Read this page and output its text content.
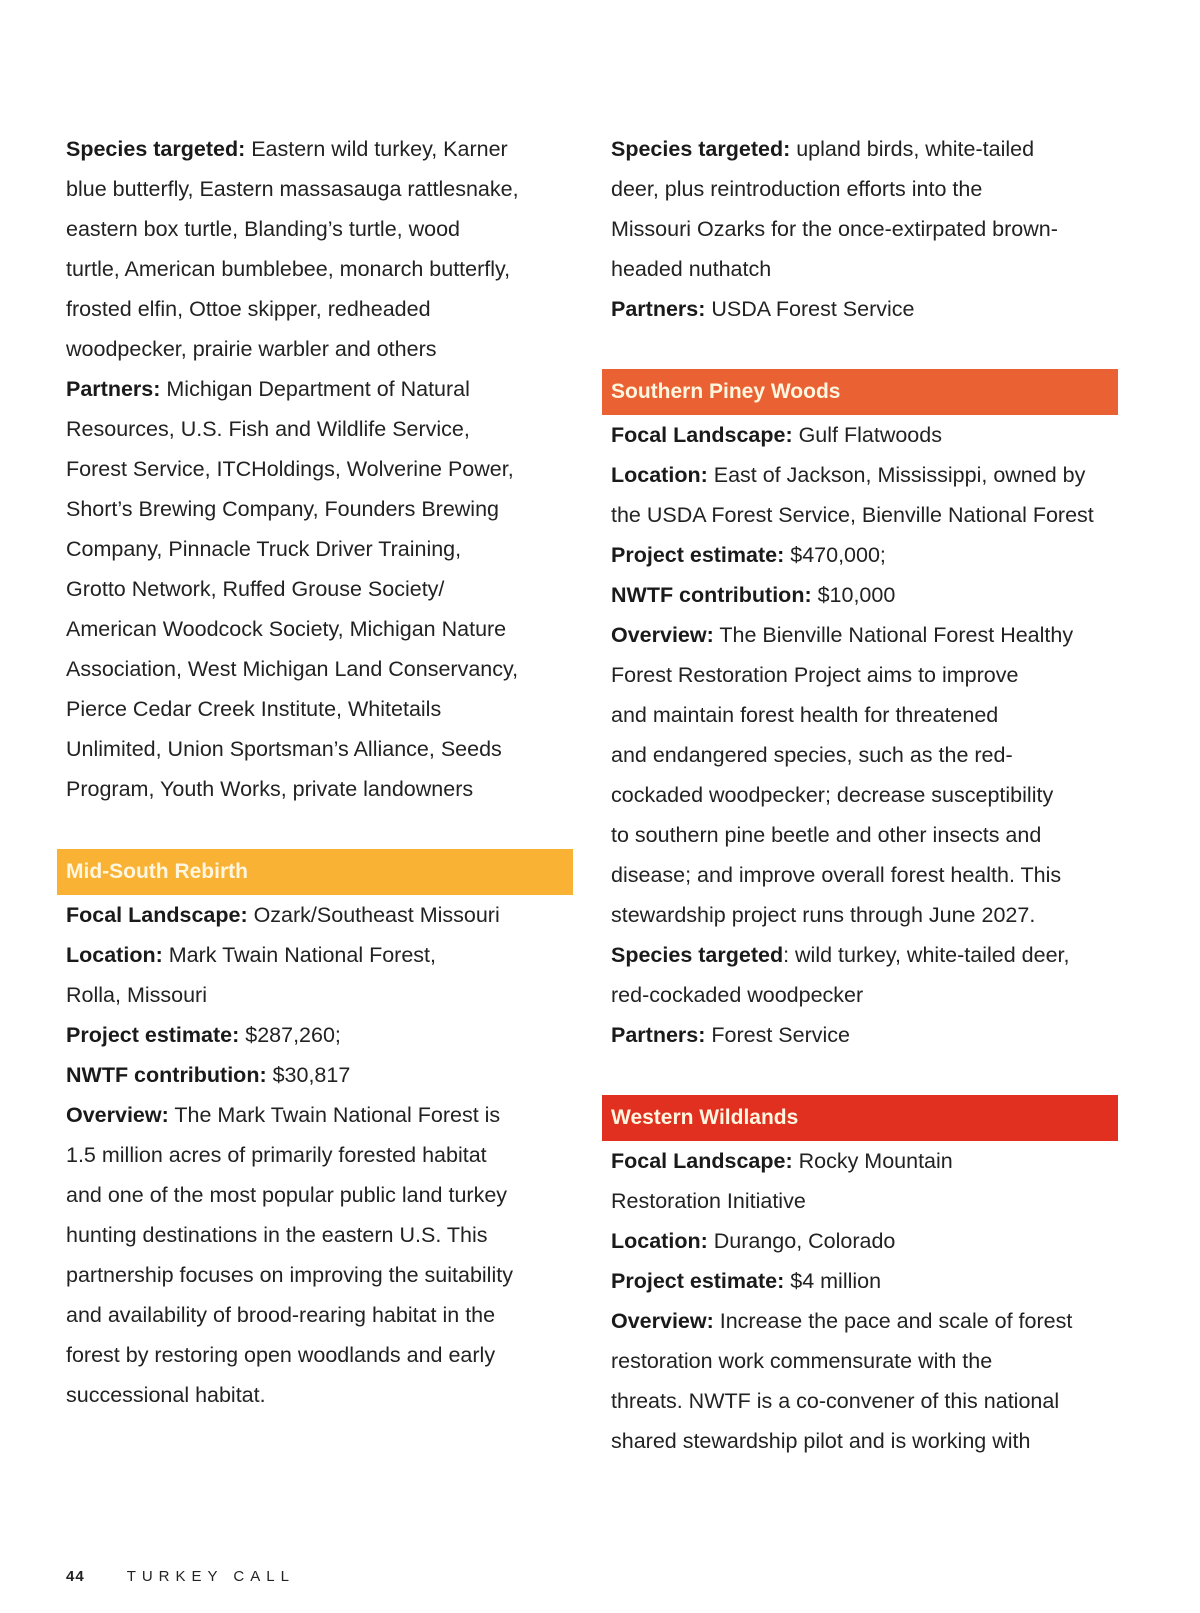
Species targeted: Eastern wild turkey, Karner
blue butterfly, Eastern massasauga rattlesnake,
eastern box turtle, Blanding’s turtle, wood
turtle, American bumblebee, monarch butterfly,
frosted elfin, Ottoe skipper, redheaded
woodpecker, prairie warbler and others
Partners: Michigan Department of Natural
Resources, U.S. Fish and Wildlife Service,
Forest Service, ITCHoldings, Wolverine Power,
Short’s Brewing Company, Founders Brewing
Company, Pinnacle Truck Driver Training,
Grotto Network, Ruffed Grouse Society/
American Woodcock Society, Michigan Nature
Association, West Michigan Land Conservancy,
Pierce Cedar Creek Institute, Whitetails
Unlimited, Union Sportsman’s Alliance, Seeds
Program, Youth Works, private landowners
Mid-South Rebirth
Focal Landscape: Ozark/Southeast Missouri
Location: Mark Twain National Forest,
Rolla, Missouri
Project estimate: $287,260;
NWTF contribution: $30,817
Overview: The Mark Twain National Forest is
1.5 million acres of primarily forested habitat
and one of the most popular public land turkey
hunting destinations in the eastern U.S. This
partnership focuses on improving the suitability
and availability of brood-rearing habitat in the
forest by restoring open woodlands and early
successional habitat.
Species targeted: upland birds, white-tailed
deer, plus reintroduction efforts into the
Missouri Ozarks for the once-extirpated brown-
headed nuthatch
Partners: USDA Forest Service
Southern Piney Woods
Focal Landscape: Gulf Flatwoods
Location: East of Jackson, Mississippi, owned by
the USDA Forest Service, Bienville National Forest
Project estimate: $470,000;
NWTF contribution: $10,000
Overview: The Bienville National Forest Healthy
Forest Restoration Project aims to improve
and maintain forest health for threatened
and endangered species, such as the red-
cockaded woodpecker; decrease susceptibility
to southern pine beetle and other insects and
disease; and improve overall forest health. This
stewardship project runs through June 2027.
Species targeted: wild turkey, white-tailed deer,
red-cockaded woodpecker
Partners: Forest Service
Western Wildlands
Focal Landscape: Rocky Mountain
Restoration Initiative
Location: Durango, Colorado
Project estimate: $4 million
Overview: Increase the pace and scale of forest
restoration work commensurate with the
threats. NWTF is a co-convener of this national
shared stewardship pilot and is working with
44	TURKEY CALL
